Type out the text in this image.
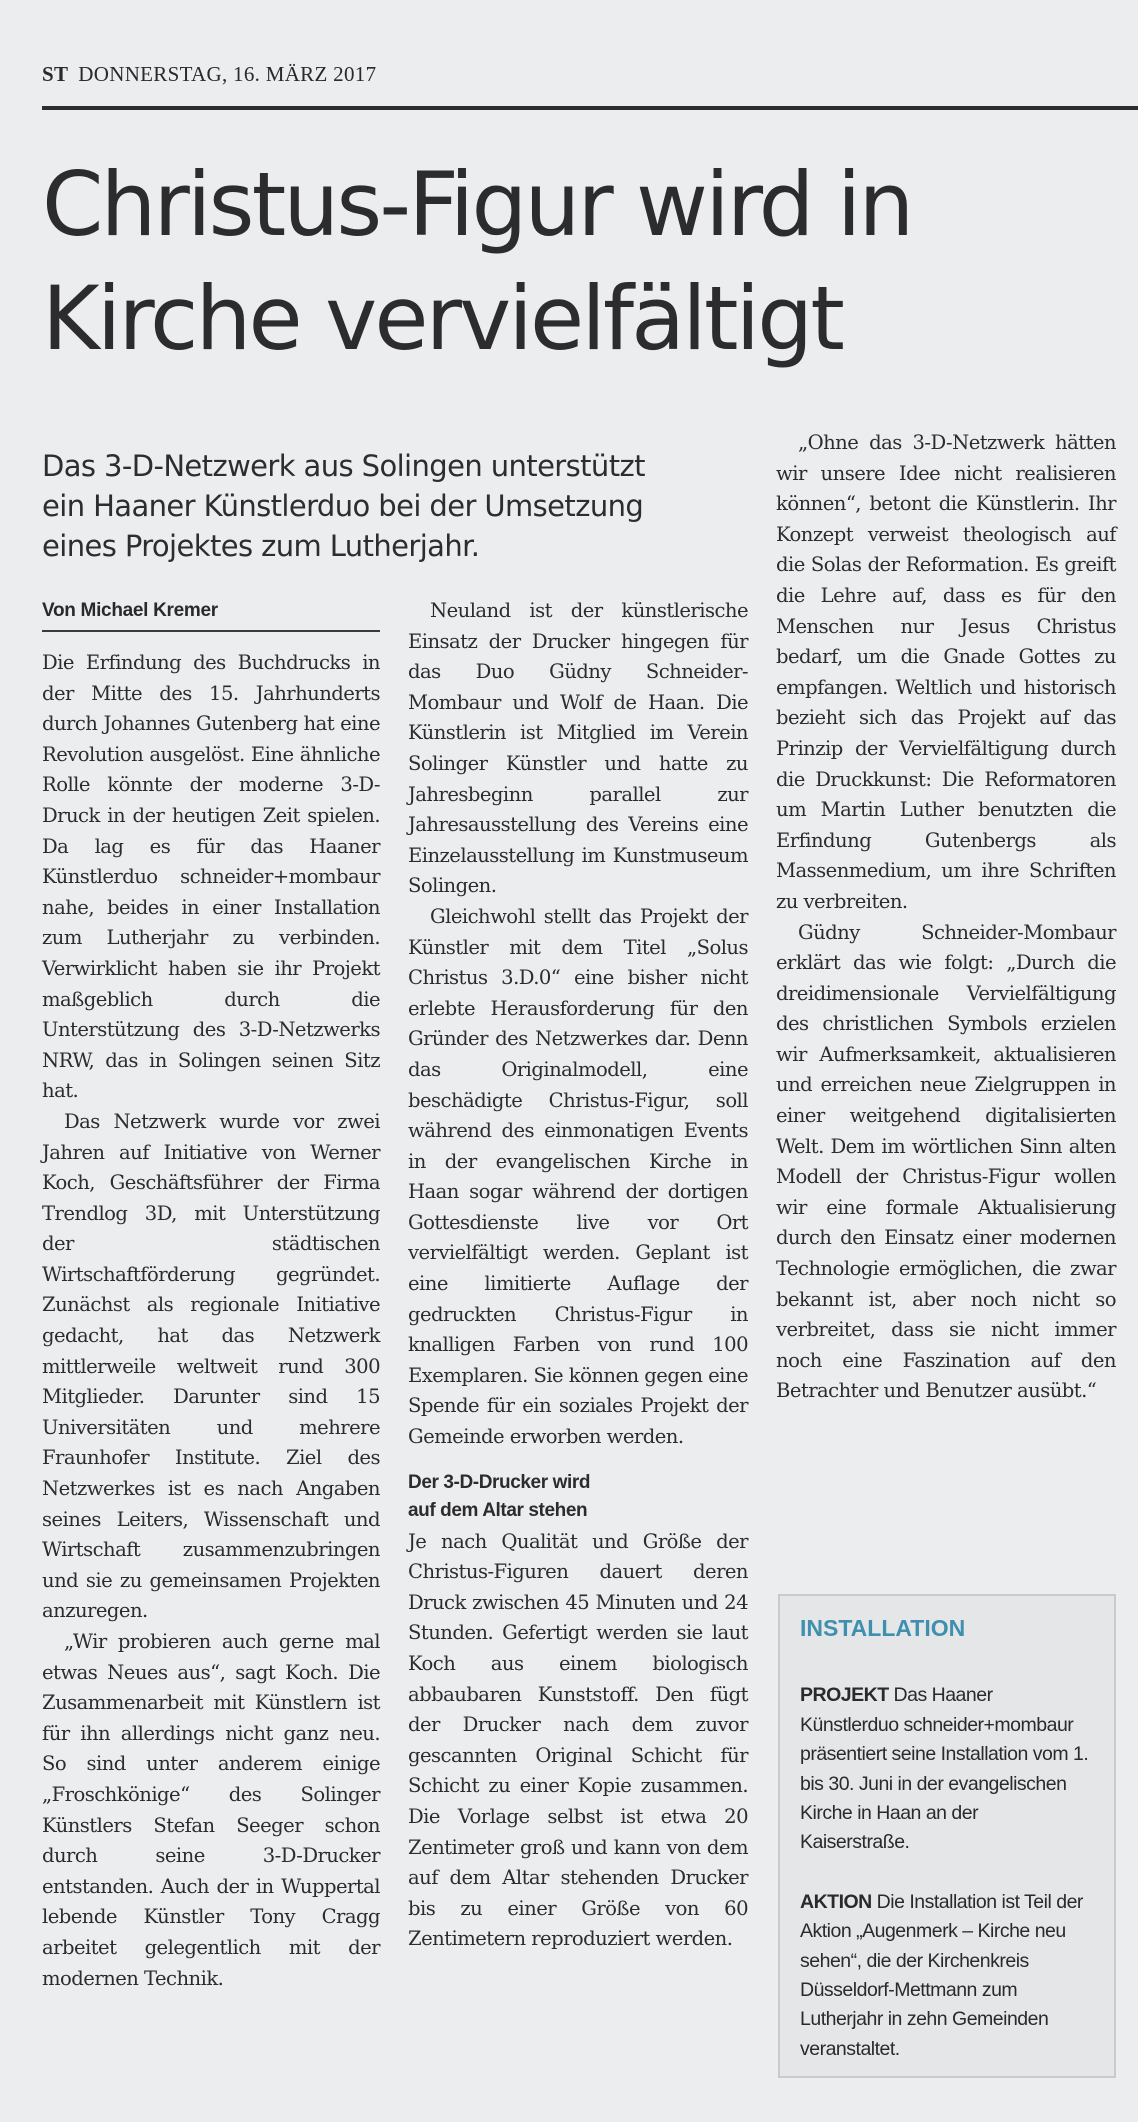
ST DONNERSTAG, 16. MÄRZ 2017
Christus-Figur wird in
Kirche vervielfältigt
Das 3-D-Netzwerk aus Solingen unterstützt
ein Haaner Künstlerduo bei der Umsetzung
eines Projektes zum Lutherjahr.
Von Michael Kremer

Die Erfindung des Buchdrucks in der Mitte des 15. Jahrhunderts durch Johannes Gutenberg hat eine Revolution ausgelöst. Eine ähnliche Rolle könnte der moderne 3-D-Druck in der heutigen Zeit spielen. Da lag es für das Haaner Künstlerduo schneider+mombaur nahe, beides in einer Installation zum Lutherjahr zu verbinden. Verwirklicht haben sie ihr Projekt maßgeblich durch die Unterstützung des 3-D-Netzwerks NRW, das in Solingen seinen Sitz hat.

Das Netzwerk wurde vor zwei Jahren auf Initiative von Werner Koch, Geschäftsführer der Firma Trendlog 3D, mit Unterstützung der städtischen Wirtschaftförderung gegründet. Zunächst als regionale Initiative gedacht, hat das Netzwerk mittlerweile weltweit rund 300 Mitglieder. Darunter sind 15 Universitäten und mehrere Fraunhofer Institute. Ziel des Netzwerkes ist es nach Angaben seines Leiters, Wissenschaft und Wirtschaft zusammenzubringen und sie zu gemeinsamen Projekten anzuregen.

„Wir probieren auch gerne mal etwas Neues aus“, sagt Koch. Die Zusammenarbeit mit Künstlern ist für ihn allerdings nicht ganz neu. So sind unter anderem einige „Froschkönige“ des Solinger Künstlers Stefan Seeger schon durch seine 3-D-Drucker entstanden. Auch der in Wuppertal lebende Künstler Tony Cragg arbeitet gelegentlich mit der modernen Technik.

Neuland ist der künstlerische Einsatz der Drucker hingegen für das Duo Güdny Schneider-Mombaur und Wolf de Haan. Die Künstlerin ist Mitglied im Verein Solinger Künstler und hatte zu Jahresbeginn parallel zur Jahresausstellung des Vereins eine Einzelausstellung im Kunstmuseum Solingen.

Gleichwohl stellt das Projekt der Künstler mit dem Titel „Solus Christus 3.D.0“ eine bisher nicht erlebte Herausforderung für den Gründer des Netzwerkes dar. Denn das Originalmodell, eine beschädigte Christus-Figur, soll während des einmonatigen Events in der evangelischen Kirche in Haan sogar während der dortigen Gottesdienste live vor Ort vervielfältigt werden. Geplant ist eine limitierte Auflage der gedruckten Christus-Figur in knalligen Farben von rund 100 Exemplaren. Sie können gegen eine Spende für ein soziales Projekt der Gemeinde erworben werden.

Der 3-D-Drucker wird
auf dem Altar stehen

Je nach Qualität und Größe der Christus-Figuren dauert deren Druck zwischen 45 Minuten und 24 Stunden. Gefertigt werden sie laut Koch aus einem biologisch abbaubaren Kunststoff. Den fügt der Drucker nach dem zuvor gescannten Original Schicht für Schicht zu einer Kopie zusammen. Die Vorlage selbst ist etwa 20 Zentimeter groß und kann von dem auf dem Altar stehenden Drucker bis zu einer Größe von 60 Zentimetern reproduziert werden.

„Ohne das 3-D-Netzwerk hätten wir unsere Idee nicht realisieren können“, betont die Künstlerin. Ihr Konzept verweist theologisch auf die Solas der Reformation. Es greift die Lehre auf, dass es für den Menschen nur Jesus Christus bedarf, um die Gnade Gottes zu empfangen. Weltlich und historisch bezieht sich das Projekt auf das Prinzip der Vervielfältigung durch die Druckkunst: Die Reformatoren um Martin Luther benutzten die Erfindung Gutenbergs als Massenmedium, um ihre Schriften zu verbreiten.

Güdny Schneider-Mombaur erklärt das wie folgt: „Durch die dreidimensionale Vervielfältigung des christlichen Symbols erzielen wir Aufmerksamkeit, aktualisieren und erreichen neue Zielgruppen in einer weitgehend digitalisierten Welt. Dem im wörtlichen Sinn alten Modell der Christus-Figur wollen wir eine formale Aktualisierung durch den Einsatz einer modernen Technologie ermöglichen, die zwar bekannt ist, aber noch nicht so verbreitet, dass sie nicht immer noch eine Faszination auf den Betrachter und Benutzer ausübt.“

INSTALLATION

PROJEKT Das Haaner Künstlerduo schneider+mombaur präsentiert seine Installation vom 1. bis 30. Juni in der evangelischen Kirche in Haan an der Kaiserstraße.

AKTION Die Installation ist Teil der Aktion „Augenmerk – Kirche neu sehen“, die der Kirchenkreis Düsseldorf-Mettmann zum Lutherjahr in zehn Gemeinden veranstaltet.
